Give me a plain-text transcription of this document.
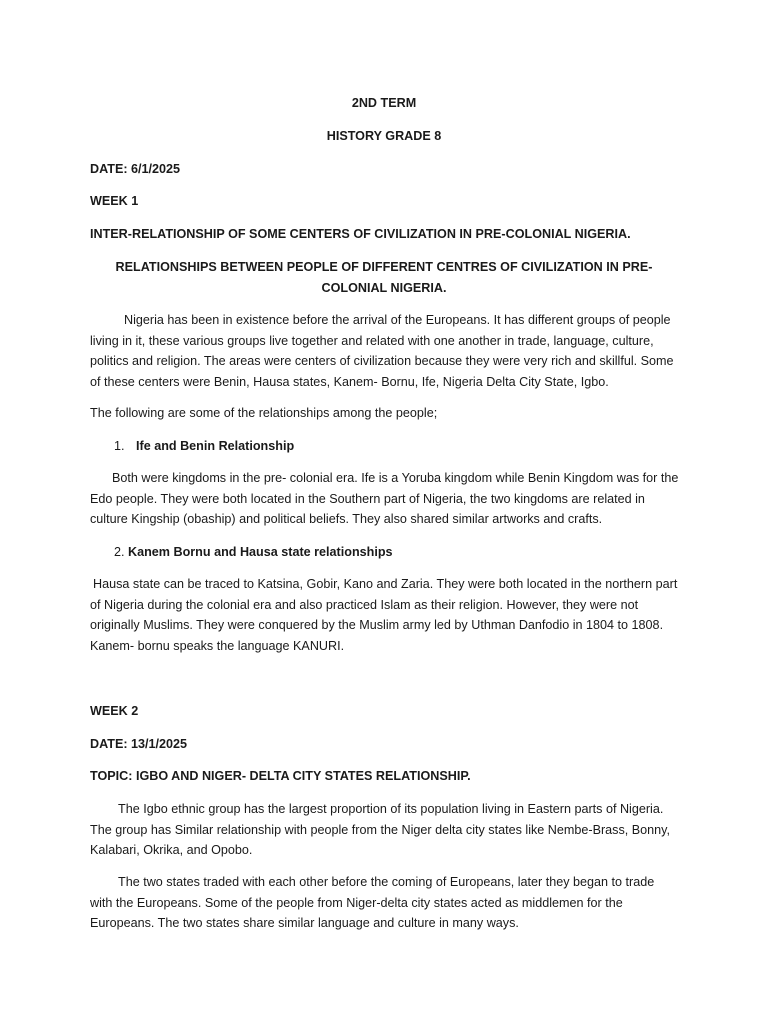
2ND TERM

HISTORY GRADE 8

DATE: 6/1/2025

WEEK 1

INTER-RELATIONSHIP OF SOME CENTERS OF CIVILIZATION IN PRE-COLONIAL NIGERIA.

RELATIONSHIPS BETWEEN PEOPLE OF DIFFERENT CENTRES OF CIVILIZATION IN PRE-COLONIAL NIGERIA.

Nigeria has been in existence before the arrival of the Europeans. It has different groups of people living in it, these various groups live together and related with one another in trade, language, culture, politics and religion. The areas were centers of civilization because they were very rich and skillful. Some of these centers were Benin, Hausa states, Kanem- Bornu, Ife, Nigeria Delta City State, Igbo.

The following are some of the relationships among the people;

1. Ife and Benin Relationship

Both were kingdoms in the pre- colonial era. Ife is a Yoruba kingdom while Benin Kingdom was for the Edo people. They were both located in the Southern part of Nigeria, the two kingdoms are related in culture Kingship (obaship) and political beliefs. They also shared similar artworks and crafts.

2. Kanem Bornu and Hausa state relationships

Hausa state can be traced to Katsina, Gobir, Kano and Zaria. They were both located in the northern part of Nigeria during the colonial era and also practiced Islam as their religion. However, they were not originally Muslims. They were conquered by the Muslim army led by Uthman Danfodio in 1804 to 1808. Kanem- bornu speaks the language KANURI.

WEEK 2

DATE: 13/1/2025

TOPIC: IGBO AND NIGER- DELTA CITY STATES RELATIONSHIP.

The Igbo ethnic group has the largest proportion of its population living in Eastern parts of Nigeria. The group has Similar relationship with people from the Niger delta city states like Nembe-Brass, Bonny, Kalabari, Okrika, and Opobo.

The two states traded with each other before the coming of Europeans, later they began to trade with the Europeans. Some of the people from Niger-delta city states acted as middlemen for the Europeans. The two states share similar language and culture in many ways.
